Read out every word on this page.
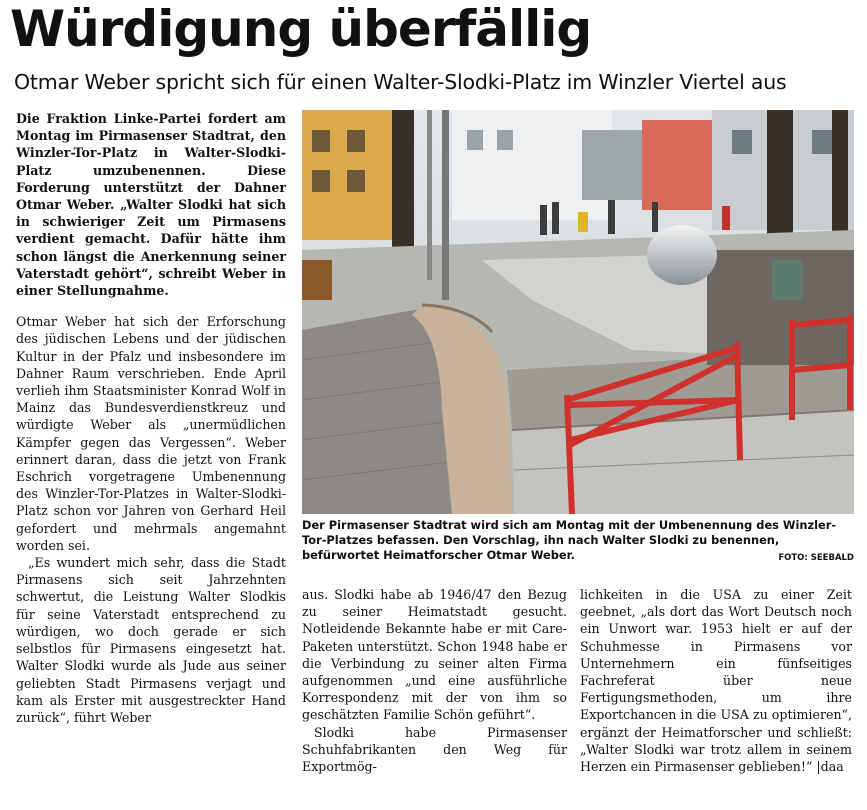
Würdigung überfällig
Otmar Weber spricht sich für einen Walter-Slodki-Platz im Winzler Viertel aus

Die Fraktion Linke-Partei fordert am Montag im Pirmasenser Stadtrat, den Winzler-Tor-Platz in Walter-Slodki-Platz umzubenennen. Diese Forderung unterstützt der Dahner Otmar Weber. „Walter Slodki hat sich in schwieriger Zeit um Pirmasens verdient gemacht. Dafür hätte ihm schon längst die Anerkennung seiner Vaterstadt gehört“, schreibt Weber in einer Stellungnahme.

Otmar Weber hat sich der Erforschung des jüdischen Lebens und der jüdischen Kultur in der Pfalz und insbesondere im Dahner Raum verschrieben. Ende April verlieh ihm Staatsminister Konrad Wolf in Mainz das Bundesverdienstkreuz und würdigte Weber als „unermüdlichen Kämpfer gegen das Vergessen“. Weber erinnert daran, dass die jetzt von Frank Eschrich vorgetragene Umbenennung des Winzler-Tor-Platzes in Walter-Slodki-Platz schon vor Jahren von Gerhard Heil gefordert und mehrmals angemahnt worden sei.

„Es wundert mich sehr, dass die Stadt Pirmasens sich seit Jahrzehnten schwertut, die Leistung Walter Slodkis für seine Vaterstadt entsprechend zu würdigen, wo doch gerade er sich selbstlos für Pirmasens eingesetzt hat. Walter Slodki wurde als Jude aus seiner geliebten Stadt Pirmasens verjagt und kam als Erster mit ausgestreckter Hand zurück“, führt Weber

Der Pirmasenser Stadtrat wird sich am Montag mit der Umbenennung des Winzler-Tor-Platzes befassen. Den Vorschlag, ihn nach Walter Slodki zu benennen, befürwortet Heimatforscher Otmar Weber.	FOTO: SEEBALD

aus. Slodki habe ab 1946/47 den Bezug zu seiner Heimatstadt gesucht. Notleidende Bekannte habe er mit Care-Paketen unterstützt. Schon 1948 habe er die Verbindung zu seiner alten Firma aufgenommen „und eine ausführliche Korrespondenz mit der von ihm so geschätzten Familie Schön geführt“.

Slodki habe Pirmasenser Schuhfabrikanten den Weg für Exportmög-

lichkeiten in die USA zu einer Zeit geebnet, „als dort das Wort Deutsch noch ein Unwort war. 1953 hielt er auf der Schuhmesse in Pirmasens vor Unternehmern ein fünfseitiges Fachreferat über neue Fertigungsmethoden, um ihre Exportchancen in die USA zu optimieren“, ergänzt der Heimatforscher und schließt: „Walter Slodki war trotz allem in seinem Herzen ein Pirmasenser geblieben!“ |daa
